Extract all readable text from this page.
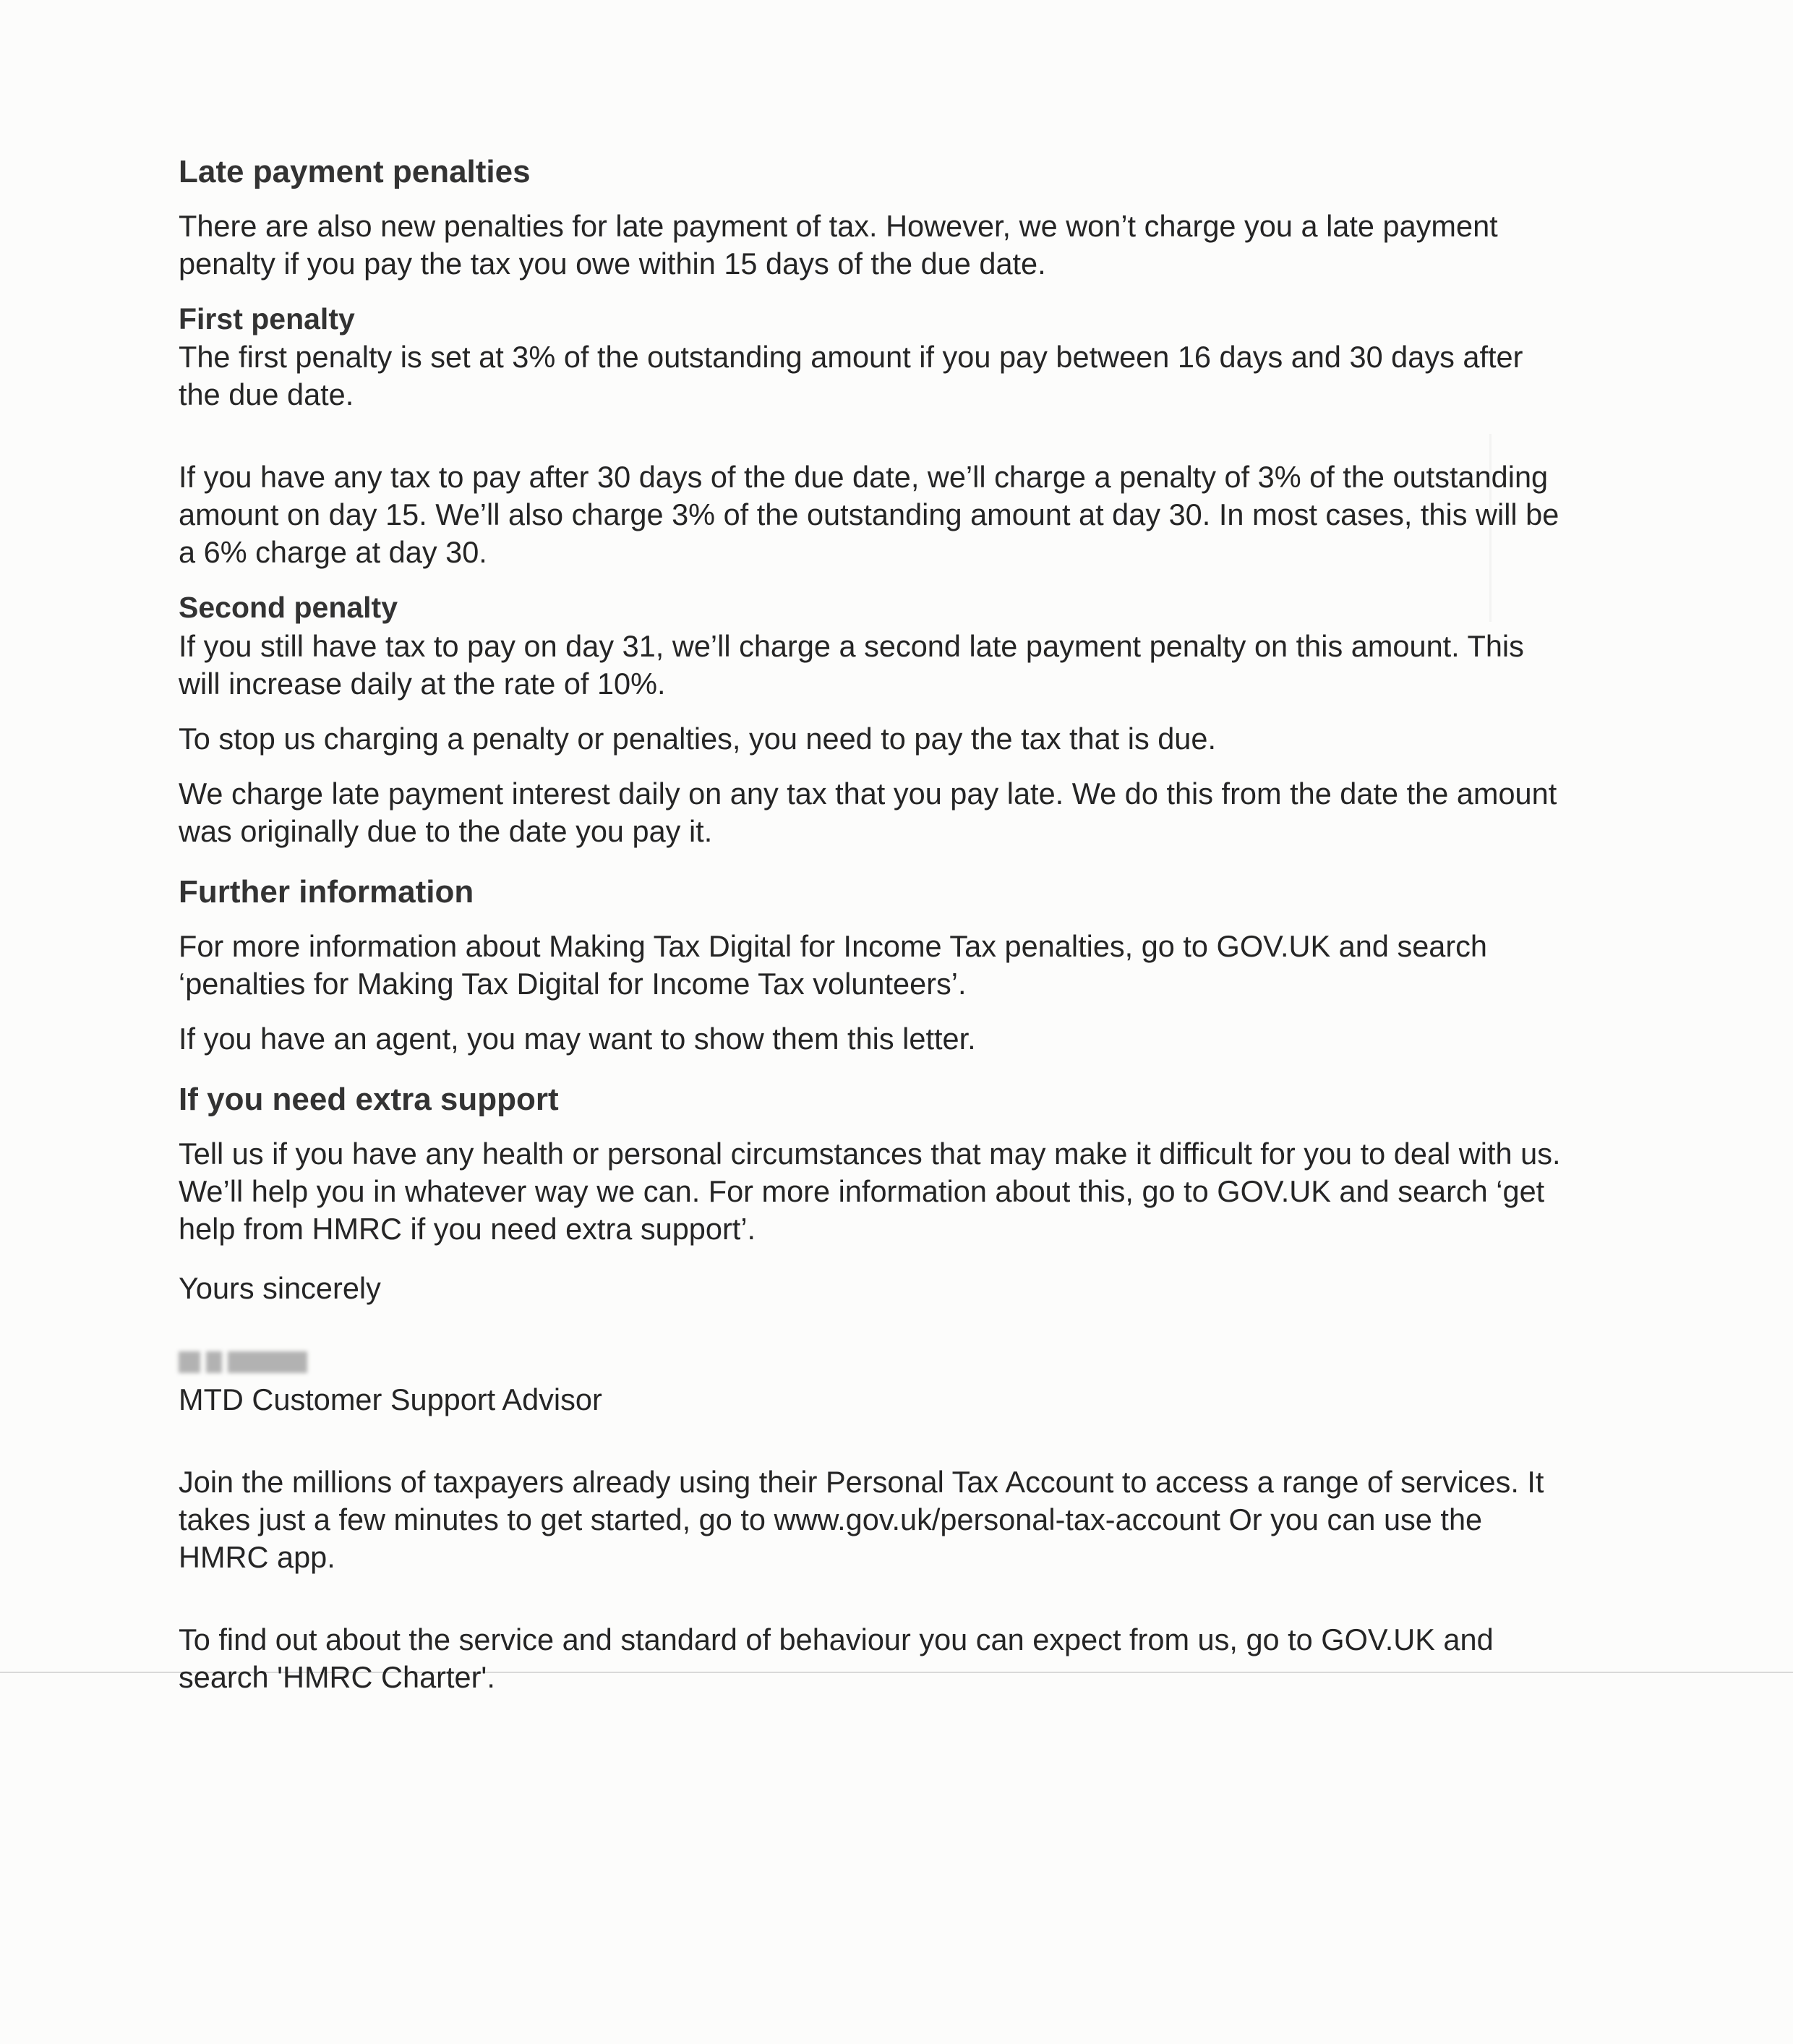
Late payment penalties

There are also new penalties for late payment of tax. However, we won’t charge you a late payment penalty if you pay the tax you owe within 15 days of the due date.

First penalty

The first penalty is set at 3% of the outstanding amount if you pay between 16 days and 30 days after the due date.

If you have any tax to pay after 30 days of the due date, we’ll charge a penalty of 3% of the outstanding amount on day 15. We’ll also charge 3% of the outstanding amount at day 30. In most cases, this will be a 6% charge at day 30.

Second penalty

If you still have tax to pay on day 31, we’ll charge a second late payment penalty on this amount. This will increase daily at the rate of 10%.

To stop us charging a penalty or penalties, you need to pay the tax that is due.

We charge late payment interest daily on any tax that you pay late. We do this from the date the amount was originally due to the date you pay it.

Further information

For more information about Making Tax Digital for Income Tax penalties, go to GOV.UK and search ‘penalties for Making Tax Digital for Income Tax volunteers’.

If you have an agent, you may want to show them this letter.

If you need extra support

Tell us if you have any health or personal circumstances that may make it difficult for you to deal with us. We’ll help you in whatever way we can. For more information about this, go to GOV.UK and search ‘get help from HMRC if you need extra support’.

Yours sincerely

MTD Customer Support Advisor

Join the millions of taxpayers already using their Personal Tax Account to access a range of services. It takes just a few minutes to get started, go to www.gov.uk/personal-tax-account Or you can use the HMRC app.

To find out about the service and standard of behaviour you can expect from us, go to GOV.UK and search 'HMRC Charter'.
